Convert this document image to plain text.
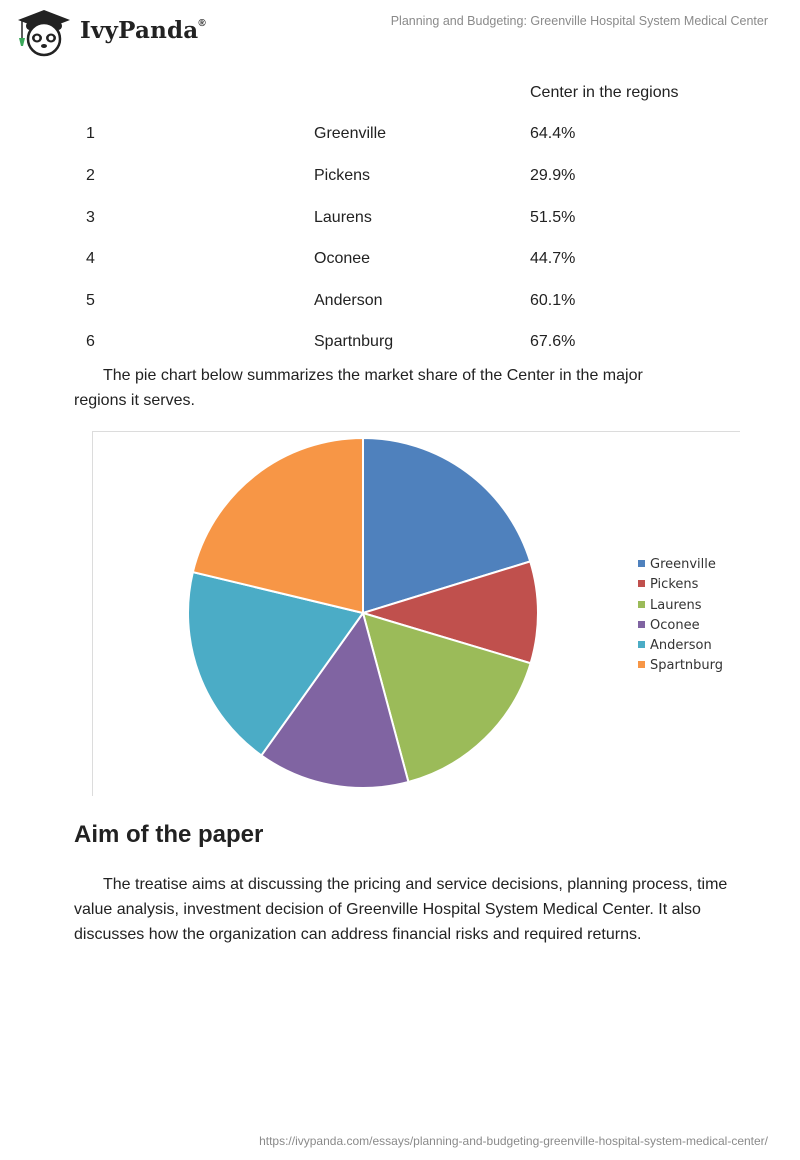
IvyPanda®	Planning and Budgeting: Greenville Hospital System Medical Center
		Center in the regions
1	Greenville	64.4%
2	Pickens	29.9%
3	Laurens	51.5%
4	Oconee	44.7%
5	Anderson	60.1%
6	Spartnburg	67.6%

The pie chart below summarizes the market share of the Center in the major regions it serves.

Greenville
Pickens
Laurens
Oconee
Anderson
Spartnburg
Aim of the paper

The treatise aims at discussing the pricing and service decisions, planning process, time value analysis, investment decision of Greenville Hospital System Medical Center. It also discusses how the organization can address financial risks and required returns.

https://ivypanda.com/essays/planning-and-budgeting-greenville-hospital-system-medical-center/
